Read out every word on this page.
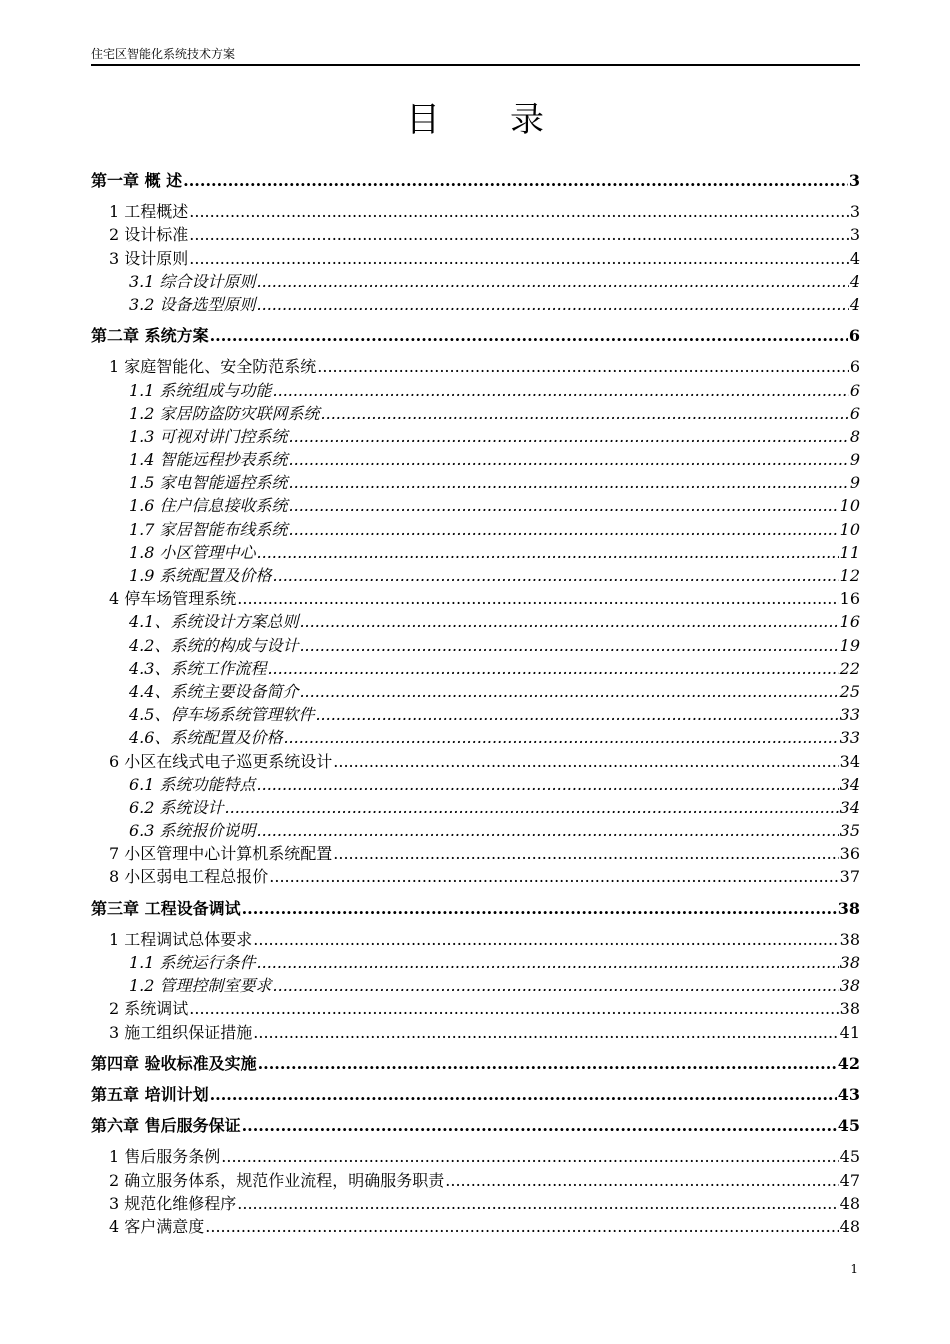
住宅区智能化系统技术方案
目 录
第一章 概 述 .....	3
1 工程概述 .....	3
2 设计标准 .....	3
3 设计原则 .....	4
3.1 综合设计原则 .....	4
3.2 设备选型原则 .....	4
第二章 系统方案 .....	6
1 家庭智能化、安全防范系统 .....	6
1.1 系统组成与功能 .....	6
1.2 家居防盗防灾联网系统 .....	6
1.3 可视对讲门控系统 .....	8
1.4 智能远程抄表系统 .....	9
1.5 家电智能遥控系统 .....	9
1.6 住户信息接收系统 .....	10
1.7 家居智能布线系统 .....	10
1.8 小区管理中心 .....	11
1.9 系统配置及价格 .....	12
4 停车场管理系统 .....	16
4.1、系统设计方案总则 .....	16
4.2、系统的构成与设计 .....	19
4.3、系统工作流程 .....	22
4.4、系统主要设备简介 .....	25
4.5、停车场系统管理软件 .....	33
4.6、系统配置及价格 .....	33
6 小区在线式电子巡更系统设计 .....	34
6.1 系统功能特点 .....	34
6.2 系统设计 .....	34
6.3 系统报价说明 .....	35
7 小区管理中心计算机系统配置 .....	36
8 小区弱电工程总报价 .....	37
第三章 工程设备调试 .....	38
1 工程调试总体要求 .....	38
1.1 系统运行条件 .....	38
1.2 管理控制室要求 .....	38
2 系统调试 .....	38
3 施工组织保证措施 .....	41
第四章 验收标准及实施 .....	42
第五章 培训计划 .....	43
第六章 售后服务保证 .....	45
1 售后服务条例 .....	45
2 确立服务体系，规范作业流程，明确服务职责 .....	47
3 规范化维修程序 .....	48
4 客户满意度 .....	48
1
